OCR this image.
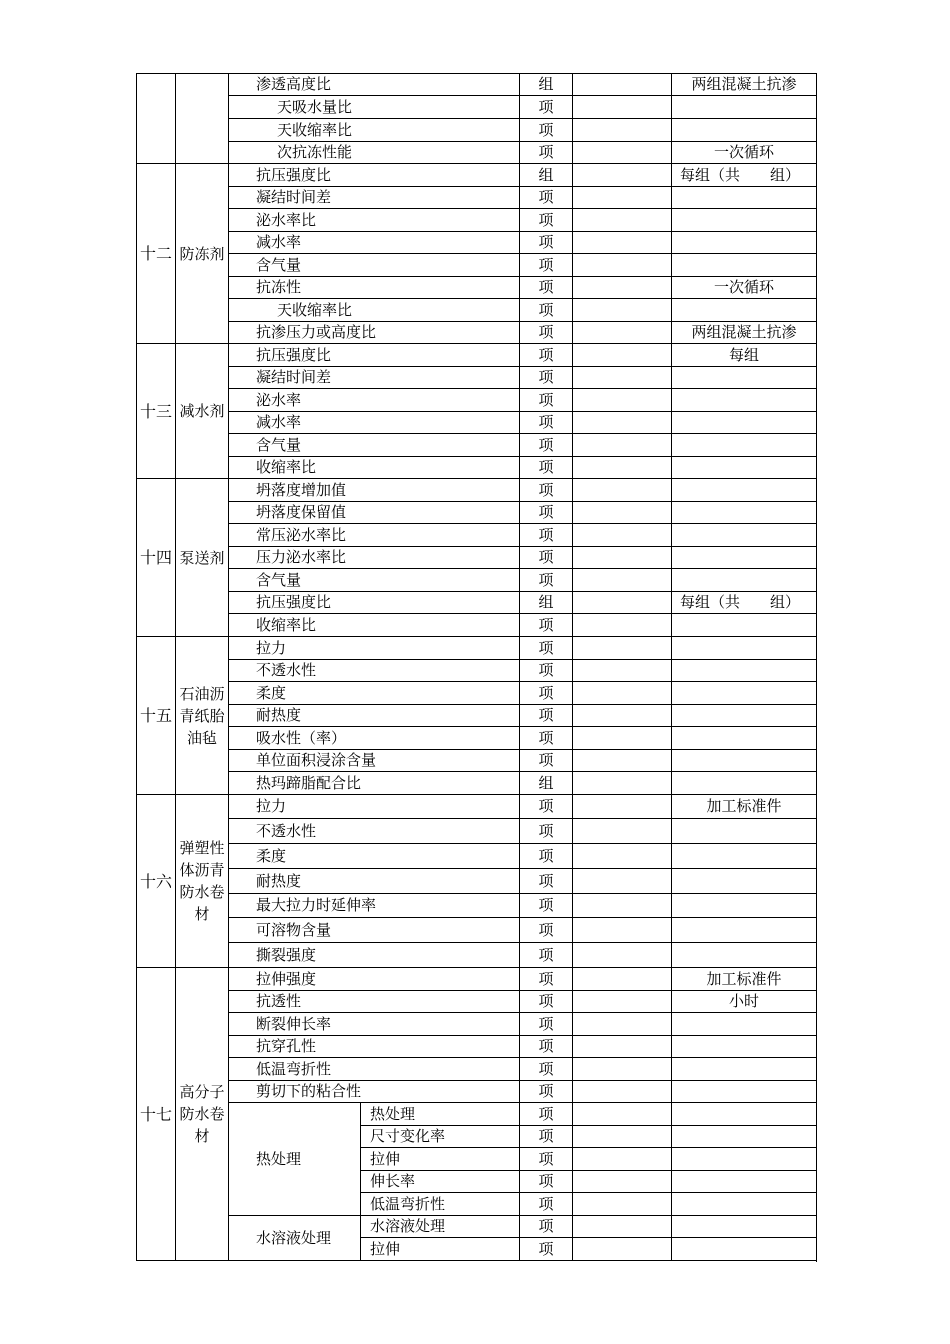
		渗透高度比		组		两组混凝土抗渗
		天吸水量比		项		
		天收缩率比		项		
		次抗冻性能		项		一次循环
十二	防冻剂	抗压强度比		组		每组（共　　组）
		凝结时间差		项		
		泌水率比		项		
		减水率		项		
		含气量		项		
		抗冻性		项		一次循环
		天收缩率比		项		
		抗渗压力或高度比		项		两组混凝土抗渗
十三	减水剂	抗压强度比		项		每组
		凝结时间差		项		
		泌水率		项		
		减水率		项		
		含气量		项		
		收缩率比		项		
十四	泵送剂	坍落度增加值		项		
		坍落度保留值		项		
		常压泌水率比		项		
		压力泌水率比		项		
		含气量		项		
		抗压强度比		组		每组（共　　组）
		收缩率比		项		
十五	石油沥青纸胎油毡	拉力		项		
		不透水性		项		
		柔度		项		
		耐热度		项		
		吸水性（率）		项		
		单位面积浸涂含量		项		
		热玛蹄脂配合比		组		
十六	弹塑性体沥青防水卷材	拉力		项		加工标准件
		不透水性		项		
		柔度		项		
		耐热度		项		
		最大拉力时延伸率		项		
		可溶物含量		项		
		撕裂强度		项		
十七	高分子防水卷材	拉伸强度		项		加工标准件
		抗透性		项		小时
		断裂伸长率		项		
		抗穿孔性		项		
		低温弯折性		项		
		剪切下的粘合性		项		
		热处理	热处理	项		
			尺寸变化率	项		
			拉伸	项		
			伸长率	项		
			低温弯折性	项		
		水溶液处理	水溶液处理	项		
			拉伸	项		
